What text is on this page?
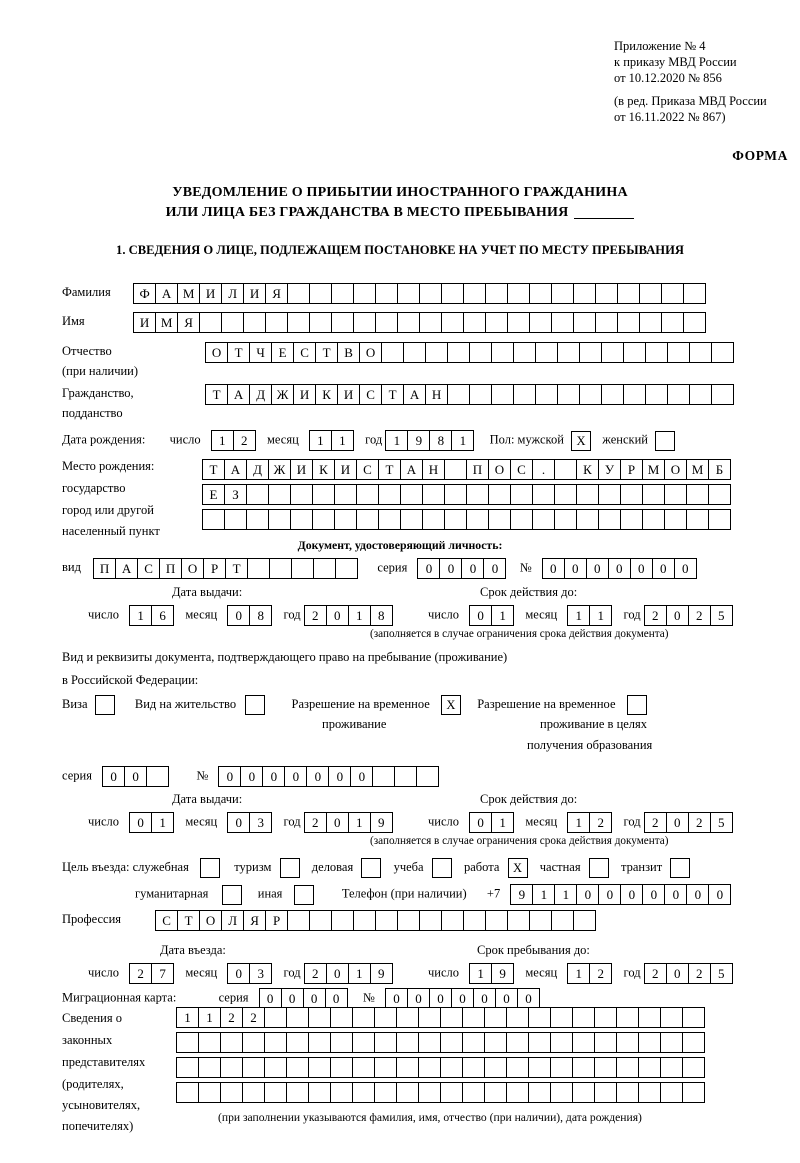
Приложение № 4
к приказу МВД России
от 10.12.2020 № 856
(в ред. Приказа МВД России
от 16.11.2022 № 867)
ФОРМА
УВЕДОМЛЕНИЕ О ПРИБЫТИИ ИНОСТРАННОГО ГРАЖДАНИНА
ИЛИ ЛИЦА БЕЗ ГРАЖДАНСТВА В МЕСТО ПРЕБЫВАНИЯ
1. СВЕДЕНИЯ О ЛИЦЕ, ПОДЛЕЖАЩЕМ ПОСТАНОВКЕ НА УЧЕТ ПО МЕСТУ ПРЕБЫВАНИЯ
Фамилия	Ф А М И Л И Я
Имя	И М Я
Отчество	О	Т	Ч	Е	С	Т	В О
(при наличии)
Гражданство,	Т	А Д Ж И К И С	Т	А Н
подданство
Дата рождения: число	1	2	месяц	1	1	год 1	9	8	1	Пол: мужской X женский
Место рождения:	Т	А Д Ж И К И С	Т	А Н	П О С	.	К	У	Р М О М Б
государство	Е	З
город или другой
населенный пункт
Документ, удостоверяющий личность:
вид	П А С П О	Р	Т	серия	0	0	0	0	№	0	0	0	0	0	0	0
Дата выдачи:	Срок действия до:
число	1	6	месяц	0	8	год 2	0	1	8	число	0	1	месяц	1	1	год 2	0	2	5
(заполняется в случае ограничения срока действия документа)
Вид и реквизиты документа, подтверждающего право на пребывание (проживание)
в Российской Федерации:
Виза	Вид на жительство	Разрешение на временное X Разрешение на временное
проживание	проживание в целях
получения образования
серия	0	0	№	0	0	0	0	0	0	0
Дата выдачи:	Срок действия до:
число	0	1	месяц	0	3	год 2	0	1	9	число	0	1	месяц	1	2	год 2	0	2	5
(заполняется в случае ограничения срока действия документа)
Цель въезда: служебная	туризм	деловая	учеба	работа X частная	транзит
гуманитарная	иная	Телефон (при наличии) +7	9	1	1	0	0	0	0	0	0	0
Профессия	С	Т	О Л	Я	Р
Дата въезда:	Срок пребывания до:
число	2	7	месяц	0	3	год 2	0	1	9	число	1	9	месяц	1	2	год 2	0	2	5
Миграционная карта:	серия	0	0	0	0	№	0	0	0	0	0	0	0
Сведения о
законных
представителях
(родителях,
усыновителях,
попечителях)
1	1	2	2
(при заполнении указываются фамилия, имя, отчество (при наличии), дата рождения)
